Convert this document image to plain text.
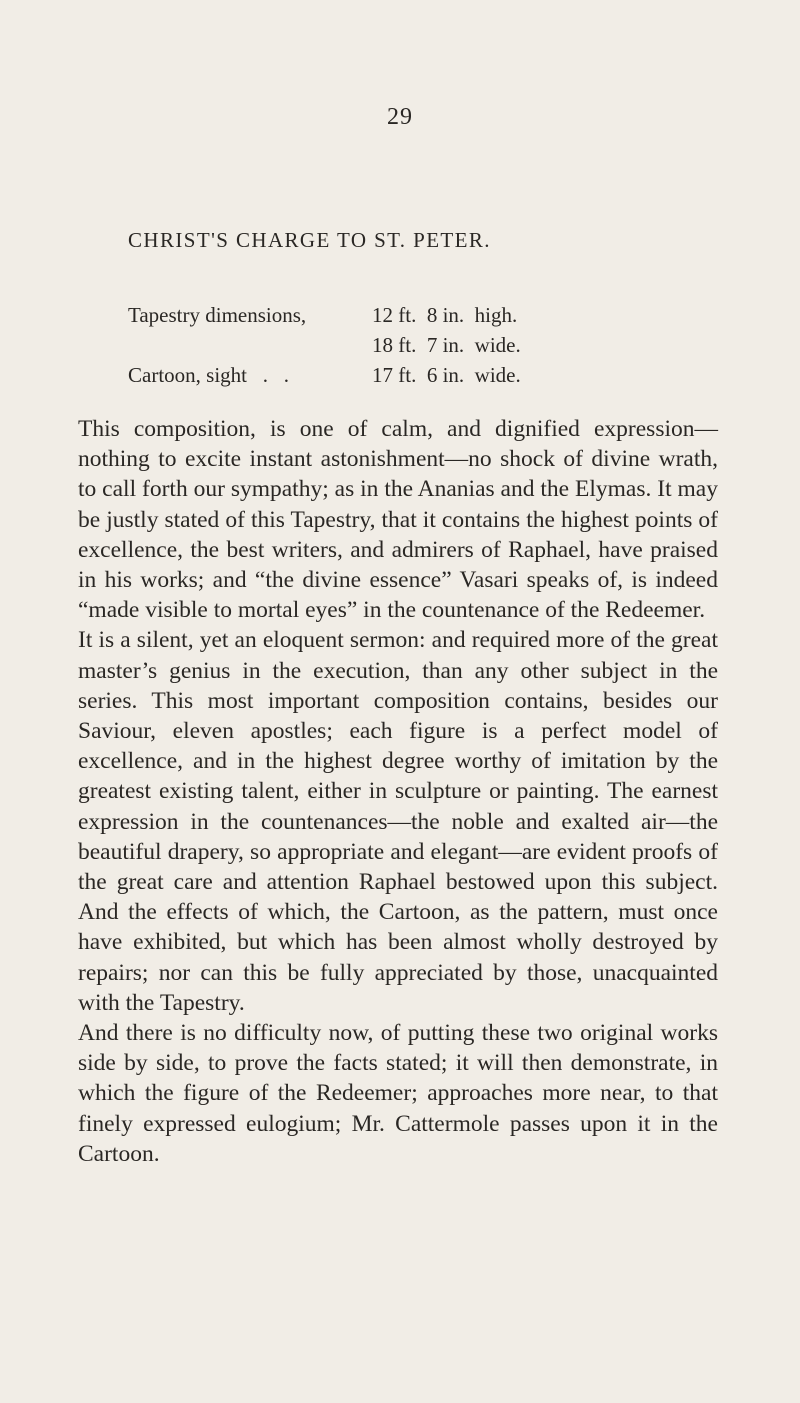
29
CHRIST'S CHARGE TO ST. PETER.
Tapestry dimensions,	12 ft.  8 in.  high.
18 ft.  7 in.  wide.
Cartoon, sight   .   .	17 ft.  6 in.  wide.

This composition, is one of calm, and dignified expression—nothing to excite instant astonishment—no shock of divine wrath, to call forth our sympathy; as in the Ananias and the Elymas. It may be justly stated of this Tapestry, that it contains the highest points of excellence, the best writers, and admirers of Raphael, have praised in his works; and “the divine essence” Vasari speaks of, is indeed “made visible to mortal eyes” in the countenance of the Redeemer.

It is a silent, yet an eloquent sermon: and required more of the great master’s genius in the execution, than any other subject in the series. This most important composition contains, besides our Saviour, eleven apostles; each figure is a perfect model of excellence, and in the highest degree worthy of imitation by the greatest existing talent, either in sculpture or painting. The earnest expression in the countenances—the noble and exalted air—the beautiful drapery, so appropriate and elegant—are evident proofs of the great care and attention Raphael bestowed upon this subject. And the effects of which, the Cartoon, as the pattern, must once have exhibited, but which has been almost wholly destroyed by repairs; nor can this be fully appreciated by those, unacquainted with the Tapestry.

And there is no difficulty now, of putting these two original works side by side, to prove the facts stated; it will then demonstrate, in which the figure of the Redeemer; approaches more near, to that finely expressed eulogium; Mr. Cattermole passes upon it in the Cartoon.
